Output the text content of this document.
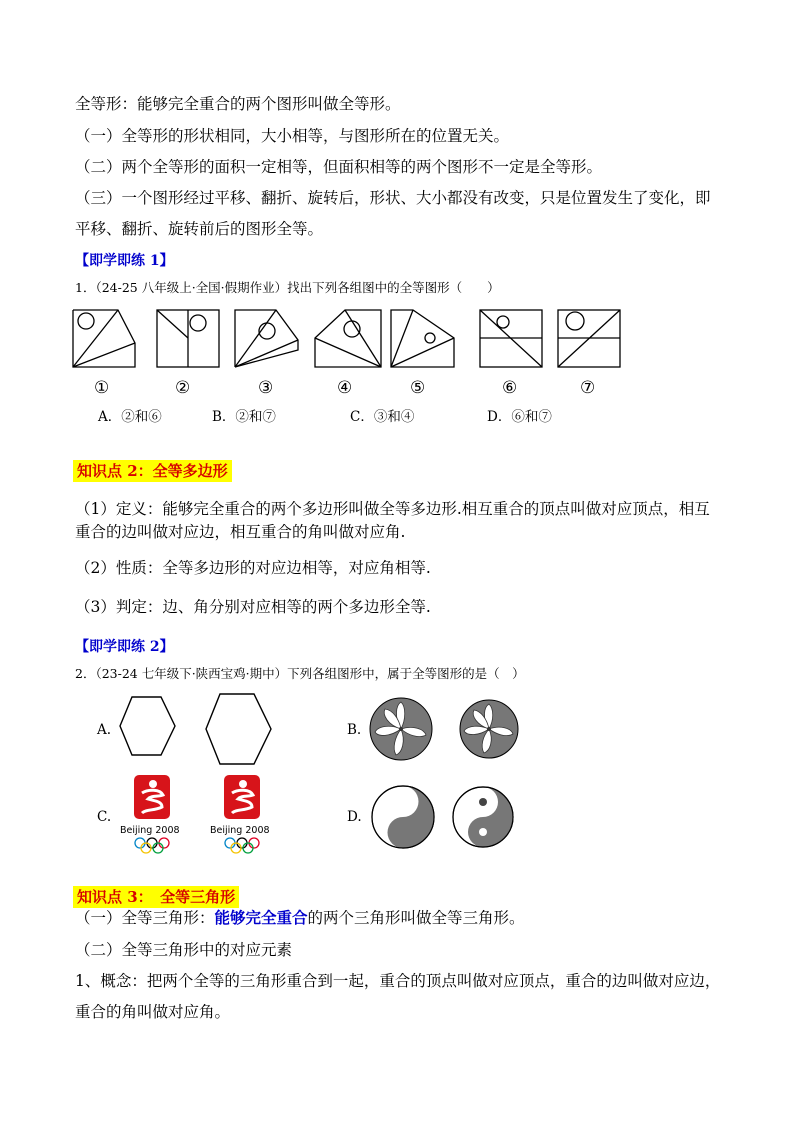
全等形：能够完全重合的两个图形叫做全等形。
（一）全等形的形状相同，大小相等，与图形所在的位置无关。
（二）两个全等形的面积一定相等，但面积相等的两个图形不一定是全等形。
（三）一个图形经过平移、翻折、旋转后，形状、大小都没有改变，只是位置发生了变化，即
平移、翻折、旋转前后的图形全等。
【即学即练 1】
1．（24-25 八年级上·全国·假期作业）找出下列各组图中的全等图形（　　）
①	②	③	④	⑤	⑥	⑦
A．②和⑥	B．②和⑦	C．③和④	D．⑥和⑦
知识点 2：全等多边形
（1）定义：能够完全重合的两个多边形叫做全等多边形.相互重合的顶点叫做对应顶点，相互
重合的边叫做对应边，相互重合的角叫做对应角.
（2）性质：全等多边形的对应边相等，对应角相等.
（3）判定：边、角分别对应相等的两个多边形全等.
【即学即练 2】
2．（23-24 七年级下·陕西宝鸡·期中）下列各组图形中，属于全等图形的是（　）
A.	B.
C.
Beijing 2008	Beijing 2008
D.
知识点 3：　全等三角形
（一）全等三角形：能够完全重合的两个三角形叫做全等三角形。
（二）全等三角形中的对应元素
1、概念：把两个全等的三角形重合到一起，重合的顶点叫做对应顶点，重合的边叫做对应边，
重合的角叫做对应角。
